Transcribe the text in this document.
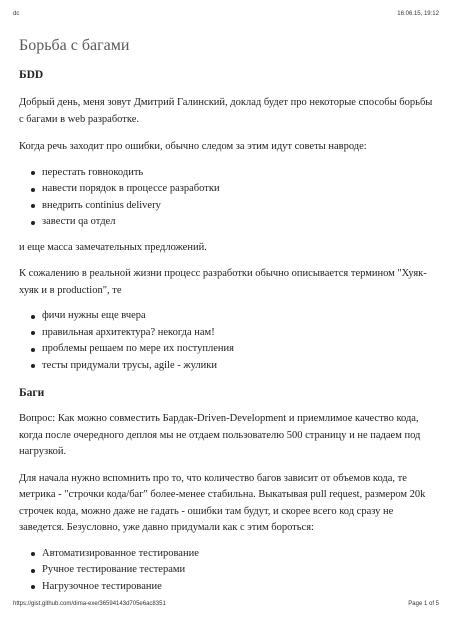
dc	16.06.15, 19:12
Борьба с багами
БDD

Добрый день, меня зовут Дмитрий Галинский, доклад будет про некоторые способы борьбы с багами в web разработке.

Когда речь заходит про ошибки, обычно следом за этим идут советы навроде:

перестать говнокодить
навести порядок в процессе разработки
внедрить continius delivery
завести qa отдел

и еще масса замечательных предложений.

К сожалению в реальной жизни процесс разработки обычно описывается термином "Хуяк-хуяк и в production", те

фичи нужны еще вчера
правильная архитектура? некогда нам!
проблемы решаем по мере их поступления
тесты придумали трусы, agile - жулики
Баги

Вопрос: Как можно совместить Бардак-Driven-Development и приемлимое качество кода, когда после очередного деплоя мы не отдаем пользователю 500 страницу и не падаем под нагрузкой.

Для начала нужно вспомнить про то, что количество багов зависит от объемов кода, те метрика - "строчки кода/баг" более-менее стабильна. Выкатывая pull request, размером 20k строчек кода, можно даже не гадать - ошибки там будут, и скорее всего код сразу не заведется. Безусловно, уже давно придумали как с этим бороться:

Автоматизированное тестирование
Ручное тестирование тестерами
Нагрузочное тестирование
https://gist.github.com/dima-exe/36594143d705e6ac8351	Page 1 of 5
